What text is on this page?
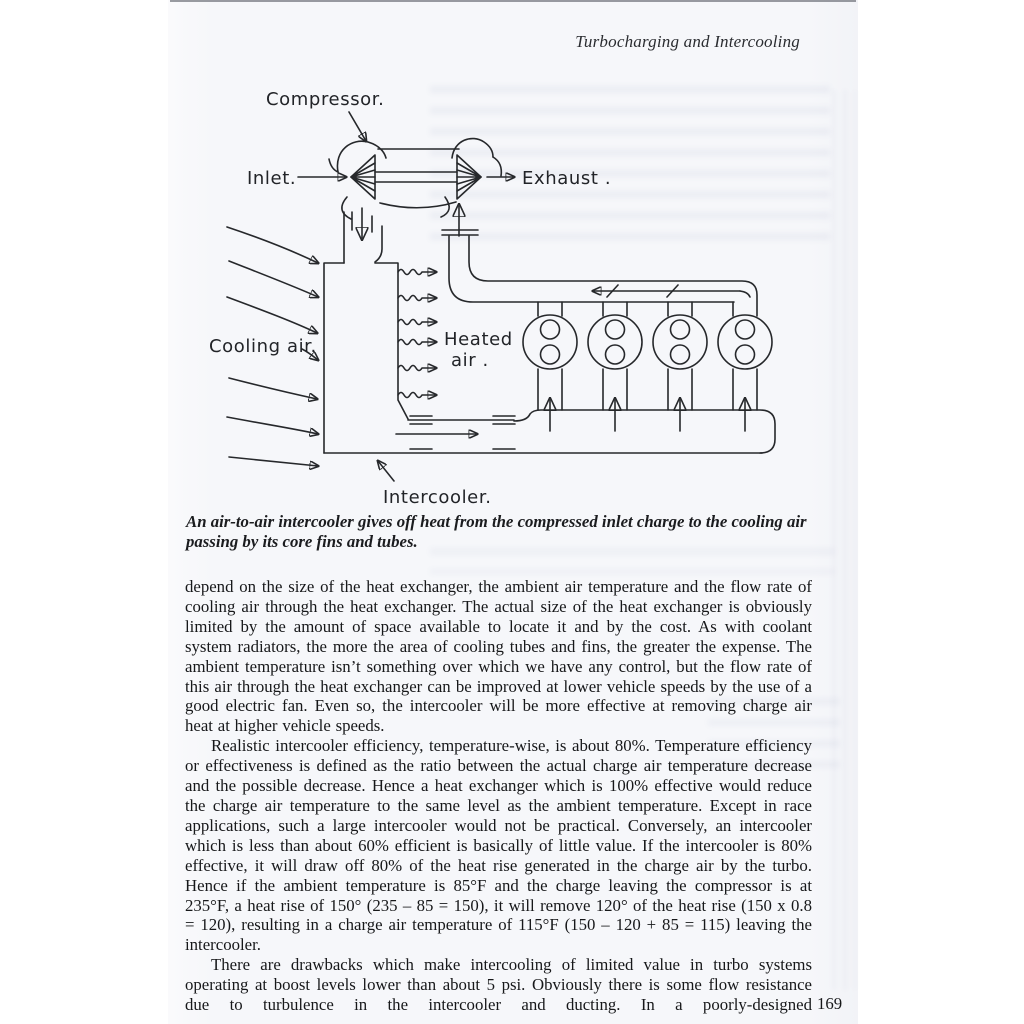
Turbocharging and Intercooling
Compressor.
Inlet.	Exhaust .
Cooling air.	Heated
air .
Intercooler.
An air-to-air intercooler gives off heat from the compressed inlet charge to the cooling air passing by its core fins and tubes.

depend on the size of the heat exchanger, the ambient air temperature and the flow rate of cooling air through the heat exchanger. The actual size of the heat exchanger is obviously limited by the amount of space available to locate it and by the cost. As with coolant system radiators, the more the area of cooling tubes and fins, the greater the expense. The ambient temperature isn’t something over which we have any control, but the flow rate of this air through the heat exchanger can be improved at lower vehicle speeds by the use of a good electric fan. Even so, the intercooler will be more effective at removing charge air heat at higher vehicle speeds.

Realistic intercooler efficiency, temperature-wise, is about 80%. Temperature efficiency or effectiveness is defined as the ratio between the actual charge air temperature decrease and the possible decrease. Hence a heat exchanger which is 100% effective would reduce the charge air temperature to the same level as the ambient temperature. Except in race applications, such a large intercooler would not be practical. Conversely, an intercooler which is less than about 60% efficient is basically of little value. If the intercooler is 80% effective, it will draw off 80% of the heat rise generated in the charge air by the turbo. Hence if the ambient temperature is 85°F and the charge leaving the compressor is at 235°F, a heat rise of 150° (235 – 85 = 150), it will remove 120° of the heat rise (150 x 0.8 = 120), resulting in a charge air temperature of 115°F (150 – 120 + 85 = 115) leaving the intercooler.

There are drawbacks which make intercooling of limited value in turbo systems operating at boost levels lower than about 5 psi. Obviously there is some flow resistance due to turbulence in the intercooler and ducting. In a poorly-designed 169
